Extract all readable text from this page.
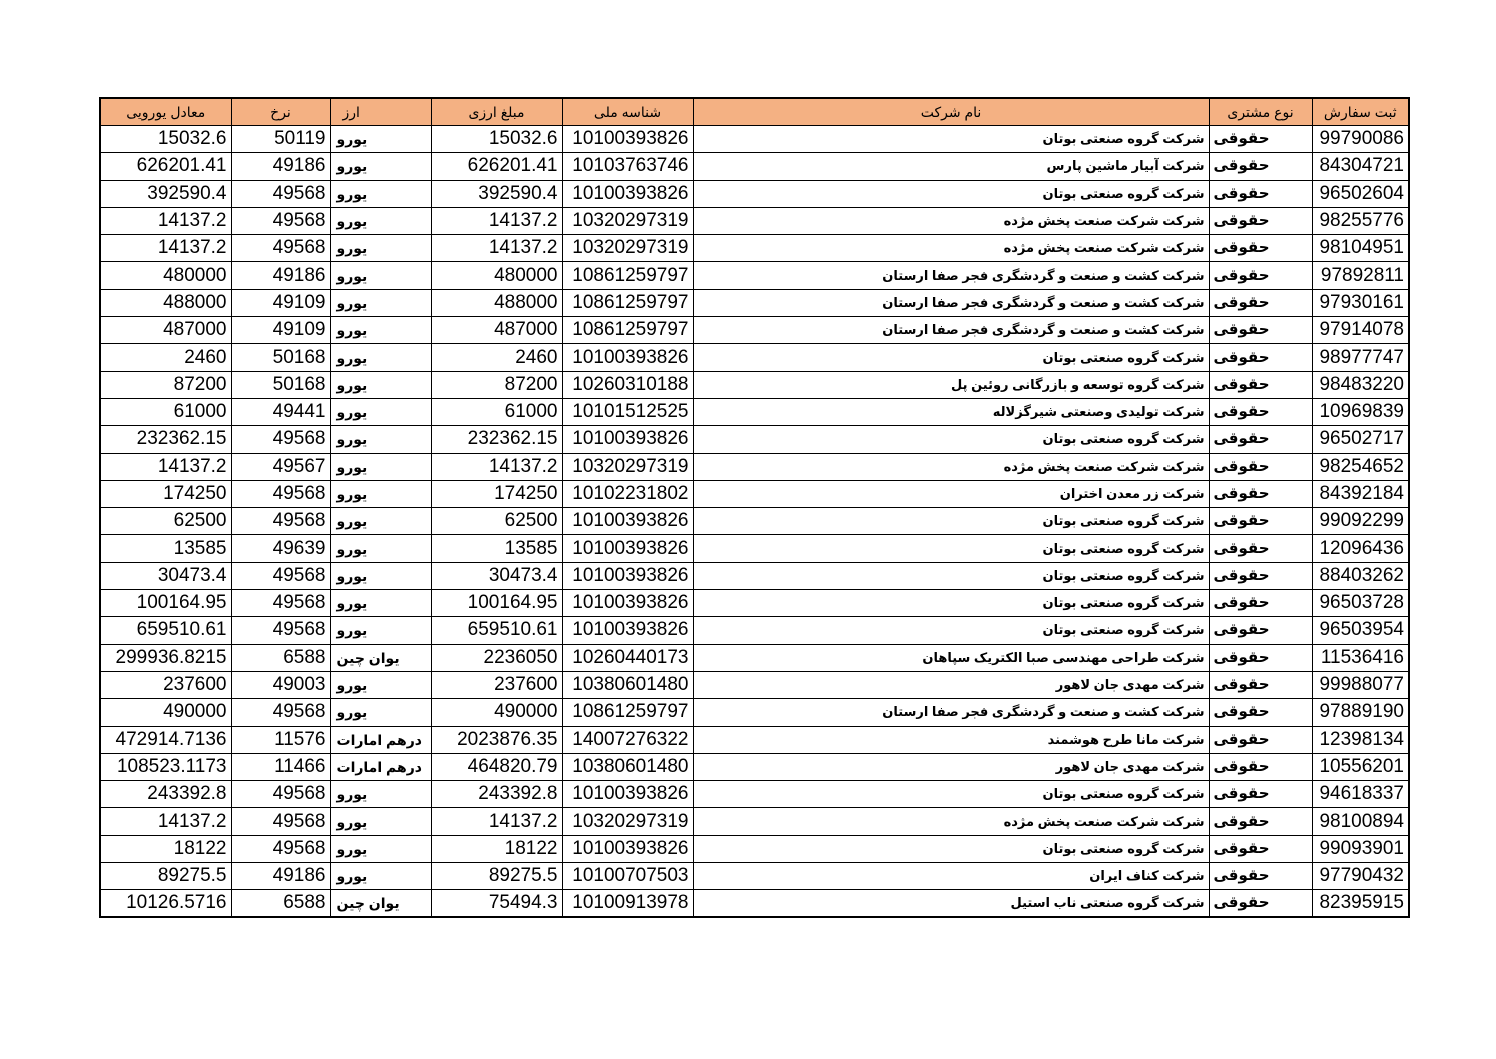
معادل یورویی	نرخ	ارز	مبلغ ارزی	شناسه ملی	نام شرکت	نوع مشتری	ثبت سفارش
15032.6	50119	یورو	15032.6	10100393826	شرکت گروه صنعتی بوتان	حقوقی	99790086
626201.41	49186	یورو	626201.41	10103763746	شرکت آبیار ماشین پارس	حقوقی	84304721
392590.4	49568	یورو	392590.4	10100393826	شرکت گروه صنعتی بوتان	حقوقی	96502604
14137.2	49568	یورو	14137.2	10320297319	شرکت شرکت صنعت پخش مژده	حقوقی	98255776
14137.2	49568	یورو	14137.2	10320297319	شرکت شرکت صنعت پخش مژده	حقوقی	98104951
480000	49186	یورو	480000	10861259797	شرکت کشت و صنعت و گردشگری فجر صفا ارستان	حقوقی	97892811
488000	49109	یورو	488000	10861259797	شرکت کشت و صنعت و گردشگری فجر صفا ارستان	حقوقی	97930161
487000	49109	یورو	487000	10861259797	شرکت کشت و صنعت و گردشگری فجر صفا ارستان	حقوقی	97914078
2460	50168	یورو	2460	10100393826	شرکت گروه صنعتی بوتان	حقوقی	98977747
87200	50168	یورو	87200	10260310188	شرکت گروه توسعه و بازرگانی روئین پل	حقوقی	98483220
61000	49441	یورو	61000	10101512525	شرکت تولیدی وصنعتی شیرگزلاله	حقوقی	10969839
232362.15	49568	یورو	232362.15	10100393826	شرکت گروه صنعتی بوتان	حقوقی	96502717
14137.2	49567	یورو	14137.2	10320297319	شرکت شرکت صنعت پخش مژده	حقوقی	98254652
174250	49568	یورو	174250	10102231802	شرکت زر معدن اختران	حقوقی	84392184
62500	49568	یورو	62500	10100393826	شرکت گروه صنعتی بوتان	حقوقی	99092299
13585	49639	یورو	13585	10100393826	شرکت گروه صنعتی بوتان	حقوقی	12096436
30473.4	49568	یورو	30473.4	10100393826	شرکت گروه صنعتی بوتان	حقوقی	88403262
100164.95	49568	یورو	100164.95	10100393826	شرکت گروه صنعتی بوتان	حقوقی	96503728
659510.61	49568	یورو	659510.61	10100393826	شرکت گروه صنعتی بوتان	حقوقی	96503954
299936.8215	6588	یوان چین	2236050	10260440173	شرکت طراحی مهندسی صبا الکتریک سپاهان	حقوقی	11536416
237600	49003	یورو	237600	10380601480	شرکت مهدی جان لاهور	حقوقی	99988077
490000	49568	یورو	490000	10861259797	شرکت کشت و صنعت و گردشگری فجر صفا ارستان	حقوقی	97889190
472914.7136	11576	درهم امارات	2023876.35	14007276322	شرکت مانا طرح هوشمند	حقوقی	12398134
108523.1173	11466	درهم امارات	464820.79	10380601480	شرکت مهدی جان لاهور	حقوقی	10556201
243392.8	49568	یورو	243392.8	10100393826	شرکت گروه صنعتی بوتان	حقوقی	94618337
14137.2	49568	یورو	14137.2	10320297319	شرکت شرکت صنعت پخش مژده	حقوقی	98100894
18122	49568	یورو	18122	10100393826	شرکت گروه صنعتی بوتان	حقوقی	99093901
89275.5	49186	یورو	89275.5	10100707503	شرکت کناف ایران	حقوقی	97790432
10126.5716	6588	یوان چین	75494.3	10100913978	شرکت گروه صنعتی ناب استیل	حقوقی	82395915
